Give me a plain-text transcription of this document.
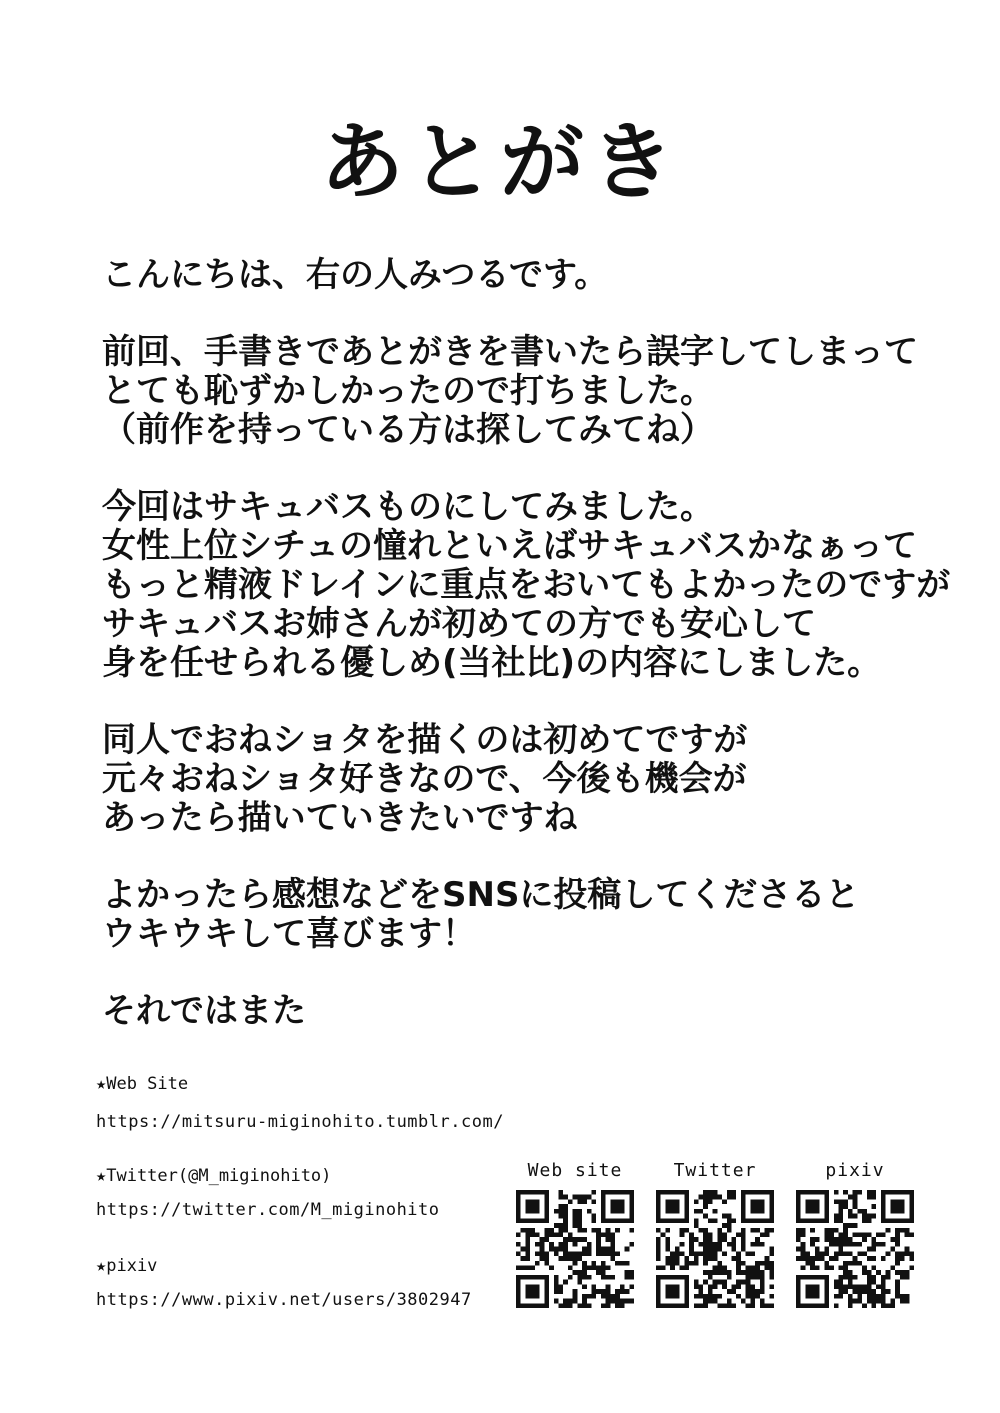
あとがき

こんにちは、右の人みつるです。

前回、手書きであとがきを書いたら誤字してしまって
とても恥ずかしかったので打ちました。
（前作を持っている方は探してみてね）

今回はサキュバスものにしてみました。
女性上位シチュの憧れといえばサキュバスかなぁって
もっと精液ドレインに重点をおいてもよかったのですが
サキュバスお姉さんが初めての方でも安心して
身を任せられる優しめ(当社比)の内容にしました。

同人でおねショタを描くのは初めてですが
元々おねショタ好きなので、今後も機会が
あったら描いていきたいですね

よかったら感想などをSNSに投稿してくださると
ウキウキして喜びます！

それではまた

★Web Site
https://mitsuru-miginohito.tumblr.com/
★Twitter(@M_miginohito)
https://twitter.com/M_miginohito
★pixiv
https://www.pixiv.net/users/3802947
Web site	Twitter	pixiv
